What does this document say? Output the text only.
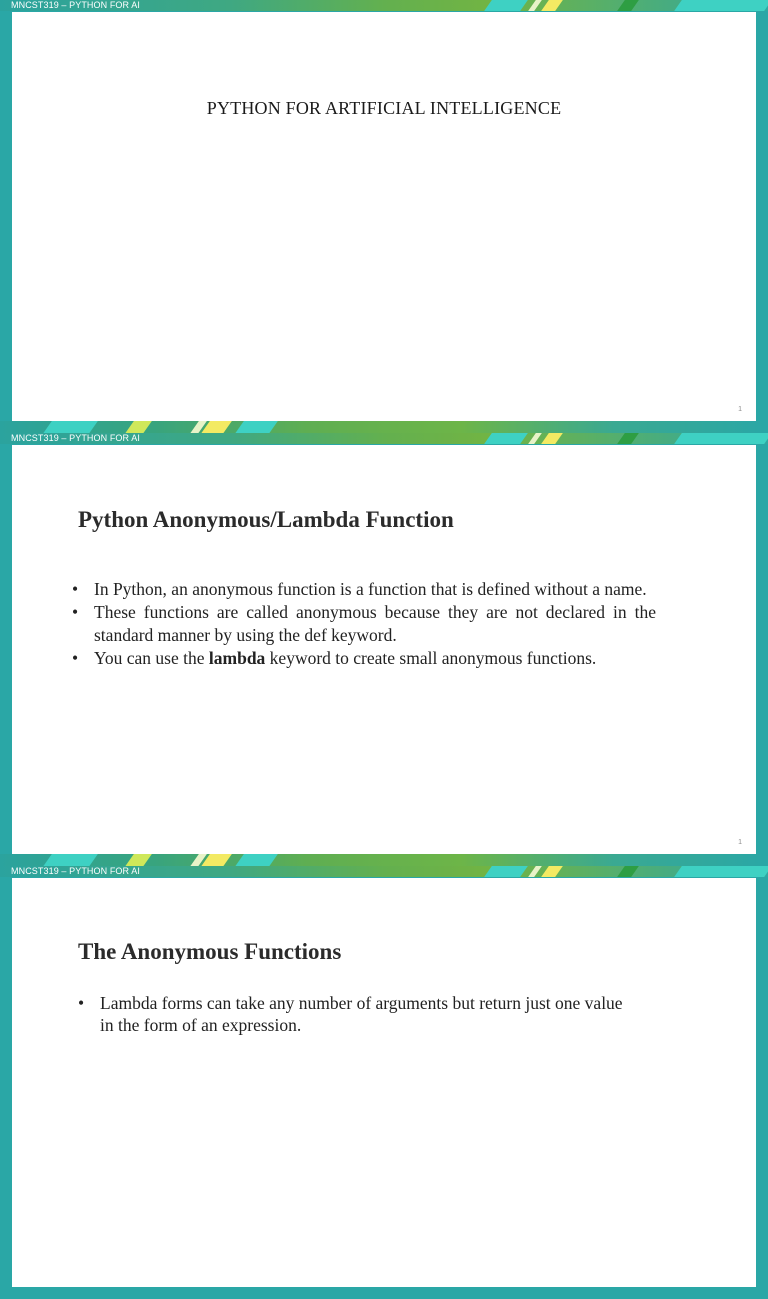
MNCST319 – PYTHON FOR AI
PYTHON FOR ARTIFICIAL INTELLIGENCE
1
MNCST319 – PYTHON FOR AI
Python Anonymous/Lambda Function
• In Python, an anonymous function is a function that is defined without a name.
• These functions are called anonymous because they are not declared in the standard manner by using the def keyword.
• You can use the lambda keyword to create small anonymous functions.
1
MNCST319 – PYTHON FOR AI
The Anonymous Functions
• Lambda forms can take any number of arguments but return just one value in the form of an expression.
